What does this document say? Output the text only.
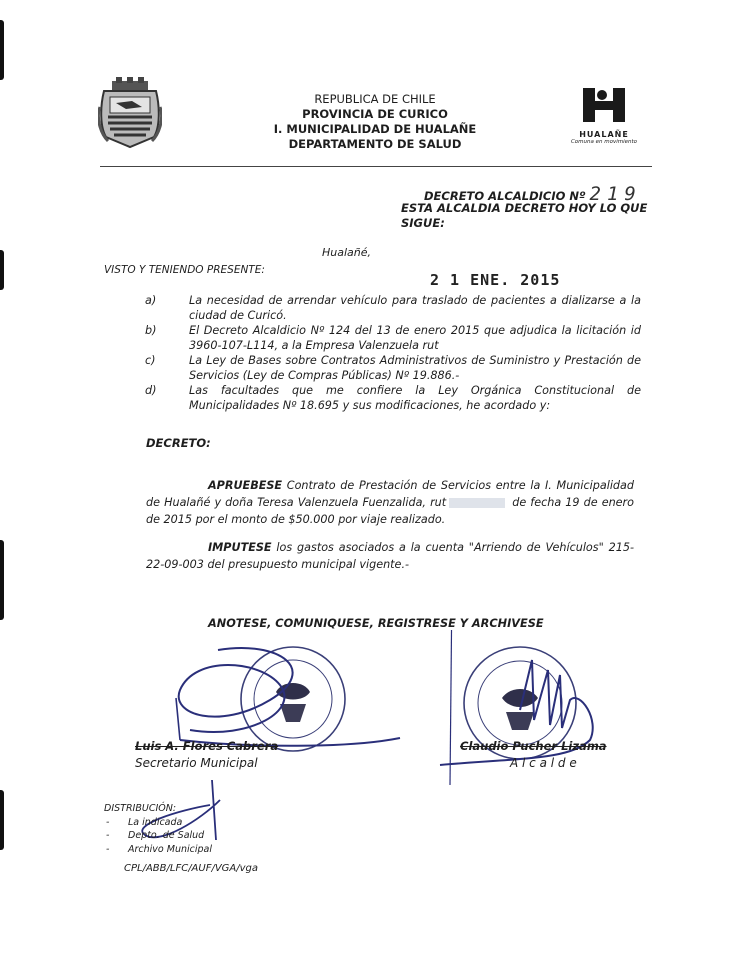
REPUBLICA DE CHILE
PROVINCIA DE CURICO
I. MUNICIPALIDAD DE HUALAÑE
DEPARTAMENTO DE SALUD
HUALAÑE
Comuna en movimiento
DECRETO ALCALDICIO Nº 219
ESTA ALCALDIA DECRETO HOY LO QUE
SIGUE:
Hualañé,
VISTO Y TENIENDO PRESENTE:
2 1 ENE. 2015
a)	La necesidad de arrendar vehículo para traslado de pacientes a dializarse a la ciudad de Curicó.
b)	El Decreto Alcaldicio Nº 124 del 13 de enero 2015 que adjudica la licitación id 3960-107-L114, a la Empresa Valenzuela rut
c)	La Ley de Bases sobre Contratos Administrativos de Suministro y Prestación de Servicios (Ley de Compras Públicas) Nº 19.886.-
d)	Las facultades que me confiere la Ley Orgánica Constitucional de Municipalidades Nº 18.695 y sus modificaciones, he acordado y:
DECRETO:
APRUEBESE Contrato de Prestación de Servicios entre la I. Municipalidad de Hualañé y doña Teresa Valenzuela Fuenzalida, rut	de fecha 19 de enero de 2015 por el monto de $50.000 por viaje realizado.
IMPUTESE los gastos asociados a la cuenta "Arriendo de Vehículos" 215-22-09-003 del presupuesto municipal vigente.-
ANOTESE, COMUNIQUESE, REGISTRESE Y ARCHIVESE
Luis A. Flores Cabrera
Secretario Municipal
Claudio Pucher Lizama
A l c a l d e
DISTRIBUCIÓN:
- La indicada
- Depto. de Salud
- Archivo Municipal
CPL/ABB/LFC/AUF/VGA/vga
